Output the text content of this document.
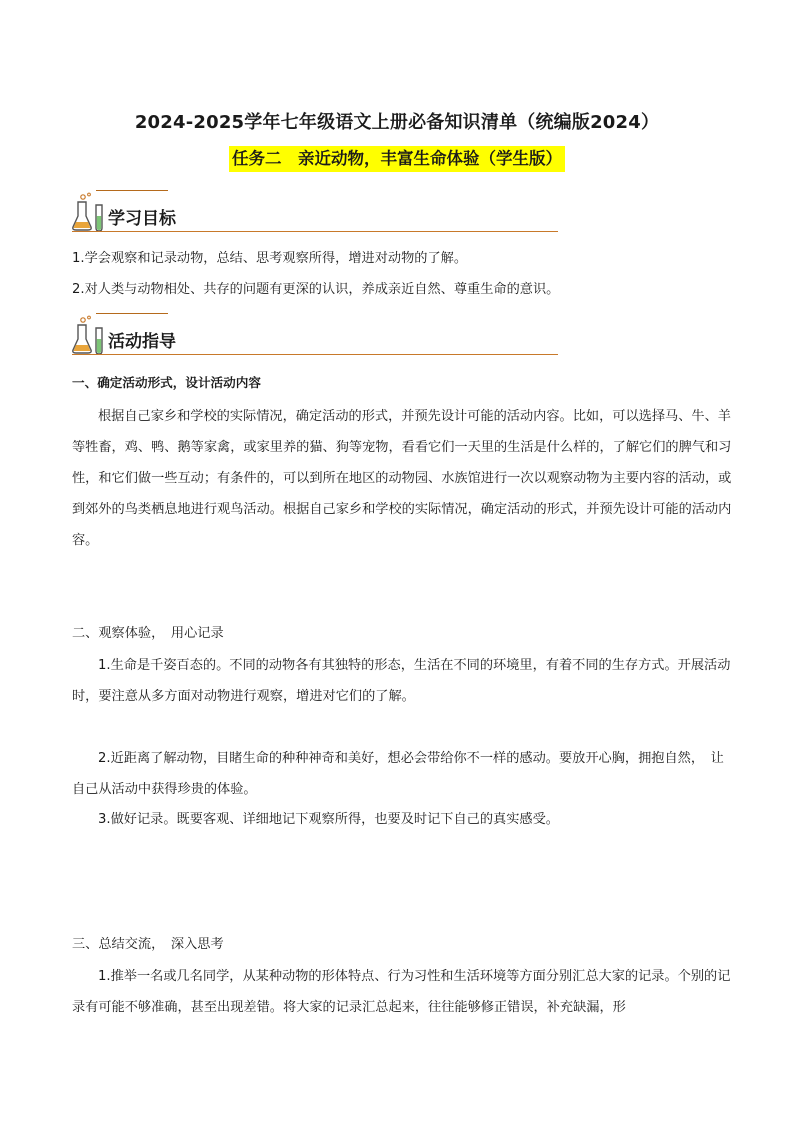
2024-2025学年七年级语文上册必备知识清单（统编版2024）
任务二　亲近动物，丰富生命体验（学生版）
学习目标

1.学会观察和记录动物，总结、思考观察所得，增进对动物的了解。

2.对人类与动物相处、共存的问题有更深的认识，养成亲近自然、尊重生命的意识。

活动指导

一、确定活动形式，设计活动内容

根据自己家乡和学校的实际情况，确定活动的形式，并预先设计可能的活动内容。比如，可以选择马、牛、羊等牲畜，鸡、鸭、鹅等家禽，或家里养的猫、狗等宠物，看看它们一天里的生活是什么样的，了解它们的脾气和习性，和它们做一些互动；有条件的，可以到所在地区的动物园、水族馆进行一次以观察动物为主要内容的活动，或到郊外的鸟类栖息地进行观鸟活动。根据自己家乡和学校的实际情况，确定活动的形式，并预先设计可能的活动内容。

二、观察体验，　用心记录

1.生命是千姿百态的。不同的动物各有其独特的形态，生活在不同的环境里，有着不同的生存方式。开展活动时，要注意从多方面对动物进行观察，增进对它们的了解。

2.近距离了解动物，目睹生命的种种神奇和美好，想必会带给你不一样的感动。要放开心胸，拥抱自然，　让自己从活动中获得珍贵的体验。

3.做好记录。既要客观、详细地记下观察所得，也要及时记下自己的真实感受。

三、总结交流，　深入思考

1.推举一名或几名同学，从某种动物的形体特点、行为习性和生活环境等方面分别汇总大家的记录。个别的记录有可能不够准确，甚至出现差错。将大家的记录汇总起来，往往能够修正错误，补充缺漏，形
